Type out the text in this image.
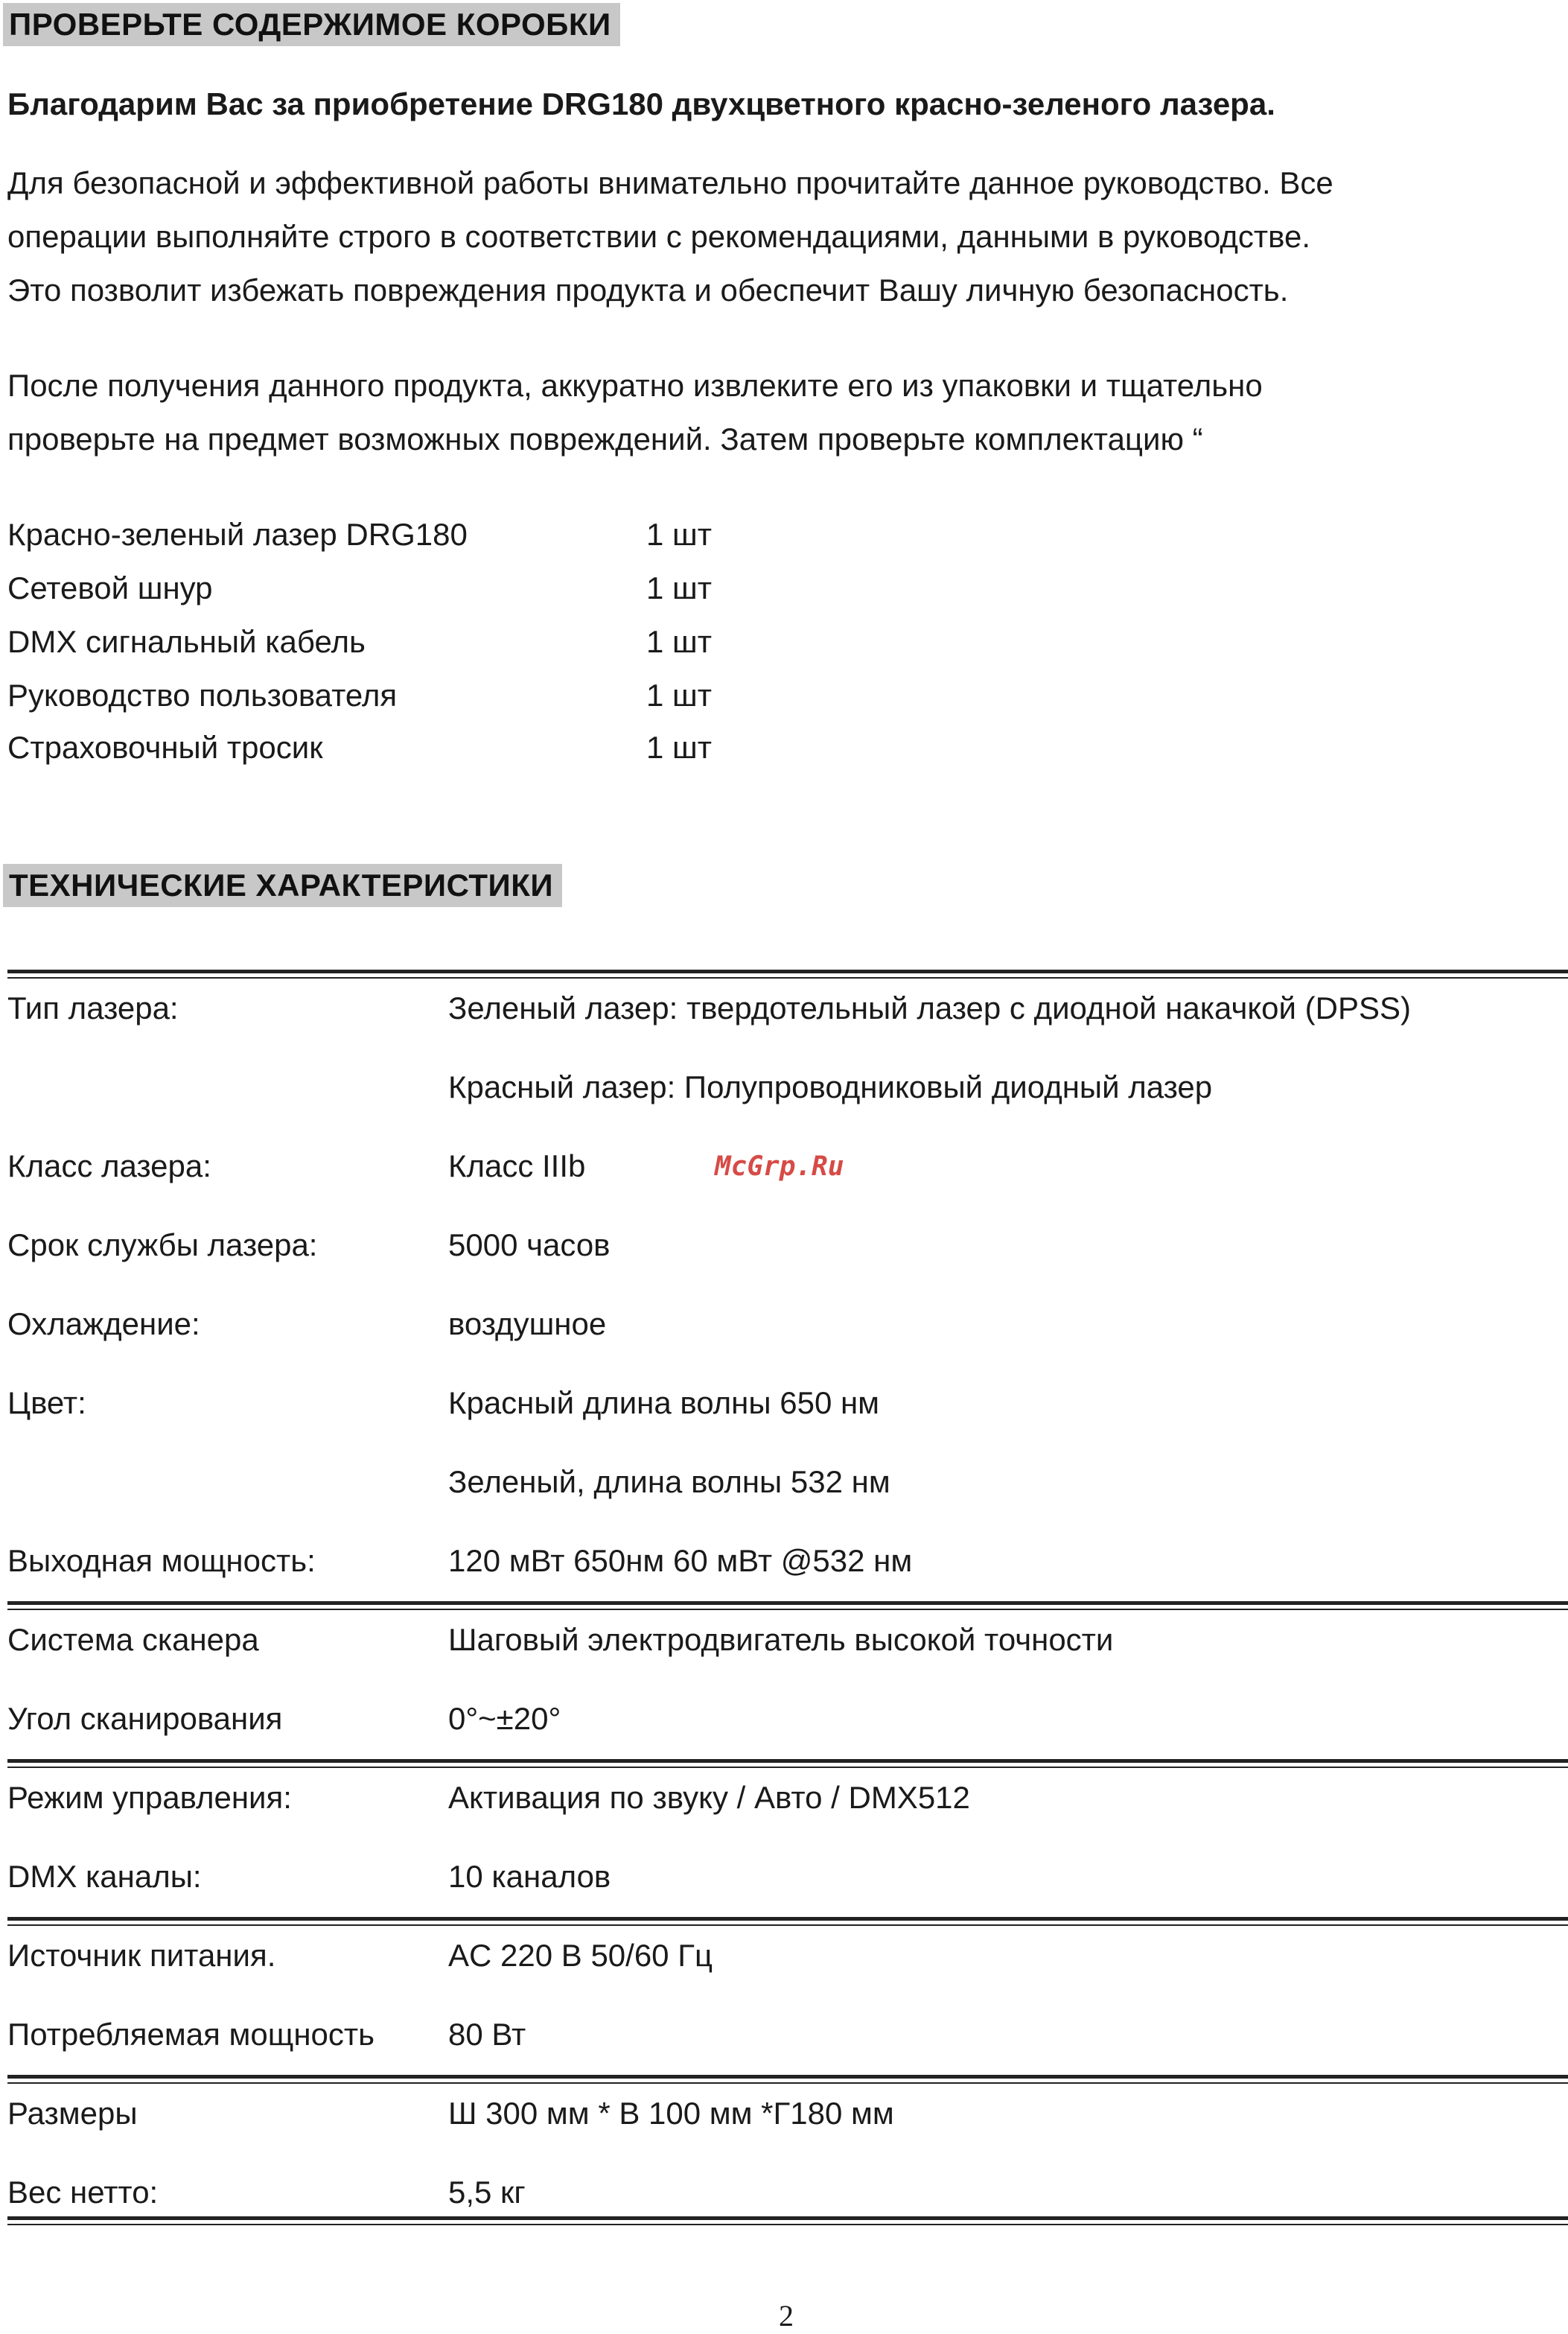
ПРОВЕРЬТЕ СОДЕРЖИМОЕ КОРОБКИ
Благодарим Вас за приобретение DRG180 двухцветного красно-зеленого лазера.
Для безопасной и эффективной работы внимательно прочитайте данное руководство. Все
операции выполняйте строго в соответствии с рекомендациями, данными в руководстве.
Это позволит избежать повреждения продукта и обеспечит Вашу личную безопасность.
После получения данного продукта, аккуратно извлеките его из упаковки и тщательно
проверьте на предмет возможных повреждений. Затем проверьте комплектацию “
Красно-зеленый лазер DRG180	1 шт
Сетевой шнур	1 шт
DMX сигнальный кабель	1 шт
Руководство пользователя	1 шт
Страховочный тросик	1 шт
ТЕХНИЧЕСКИЕ ХАРАКТЕРИСТИКИ
Тип лазера:	Зеленый лазер: твердотельный лазер с диодной накачкой (DPSS)
Красный лазер: Полупроводниковый диодный лазер
Класс лазера:	Класс IIIb	McGrp.Ru
Срок службы лазера:	5000 часов
Охлаждение:	воздушное
Цвет:	Красный длина волны 650 нм
Зеленый, длина волны 532 нм
Выходная мощность:	120 мВт 650нм 60 мВт @532 нм
Система сканера	Шаговый электродвигатель высокой точности
Угол сканирования	0°~±20°
Режим управления:	Активация по звуку / Авто / DMX512
DMX каналы:	10 каналов
Источник питания.	AC 220 В 50/60 Гц
Потребляемая мощность 80 Вт
Размеры	Ш 300 мм * В 100 мм *Г180 мм
Вес нетто:	5,5 кг
2
